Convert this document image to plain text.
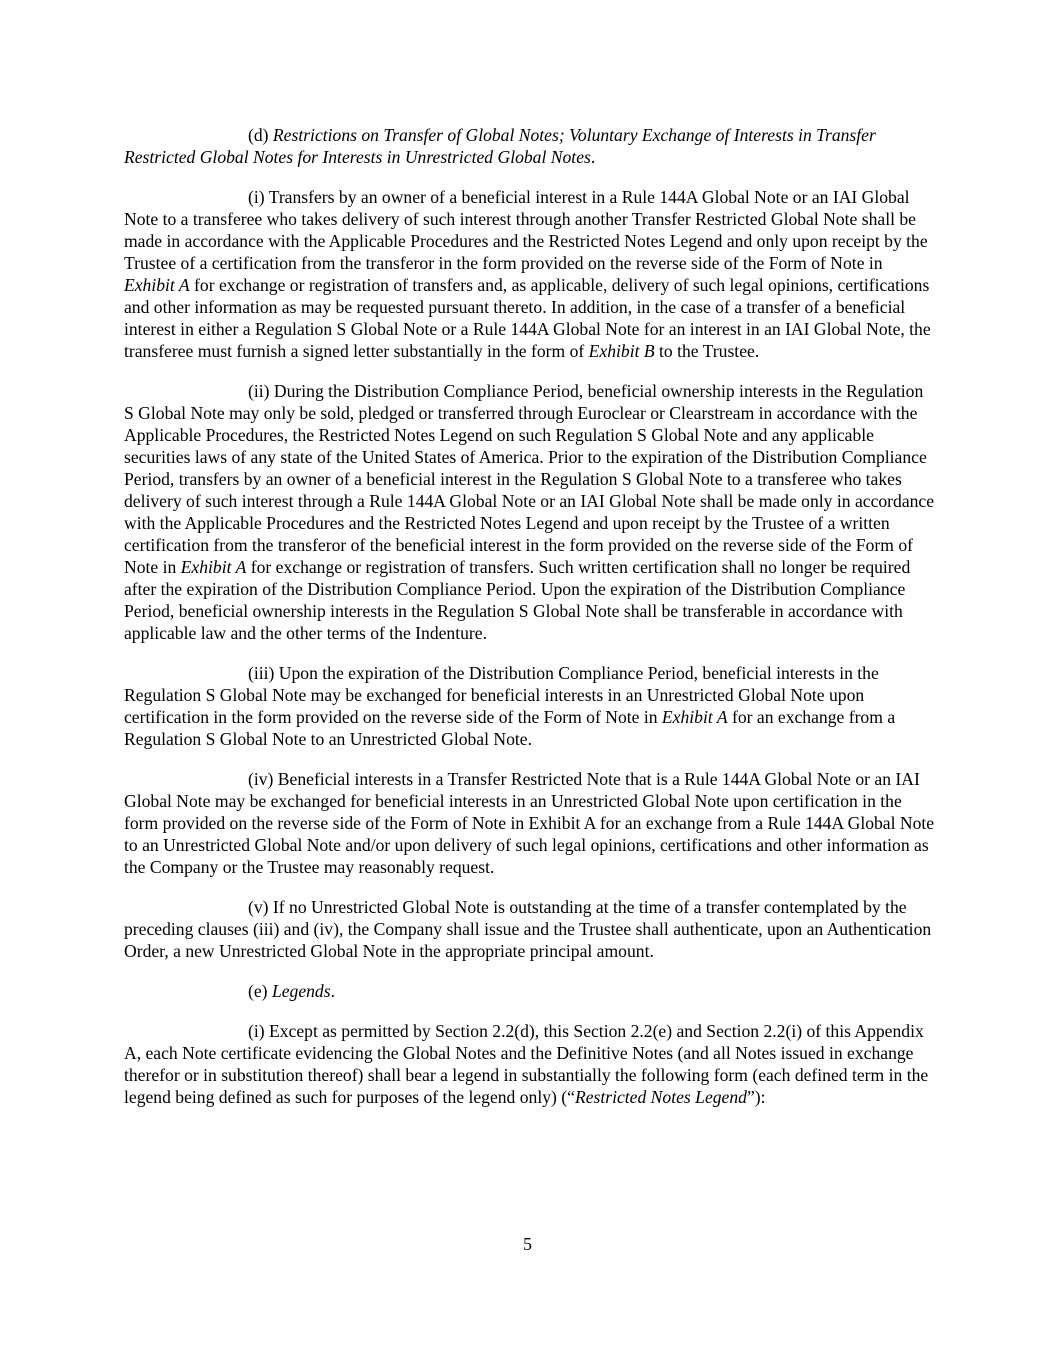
(d) Restrictions on Transfer of Global Notes; Voluntary Exchange of Interests in Transfer Restricted Global Notes for Interests in Unrestricted Global Notes.

(i) Transfers by an owner of a beneficial interest in a Rule 144A Global Note or an IAI Global Note to a transferee who takes delivery of such interest through another Transfer Restricted Global Note shall be made in accordance with the Applicable Procedures and the Restricted Notes Legend and only upon receipt by the Trustee of a certification from the transferor in the form provided on the reverse side of the Form of Note in Exhibit A for exchange or registration of transfers and, as applicable, delivery of such legal opinions, certifications and other information as may be requested pursuant thereto. In addition, in the case of a transfer of a beneficial interest in either a Regulation S Global Note or a Rule 144A Global Note for an interest in an IAI Global Note, the transferee must furnish a signed letter substantially in the form of Exhibit B to the Trustee.

(ii) During the Distribution Compliance Period, beneficial ownership interests in the Regulation S Global Note may only be sold, pledged or transferred through Euroclear or Clearstream in accordance with the Applicable Procedures, the Restricted Notes Legend on such Regulation S Global Note and any applicable securities laws of any state of the United States of America. Prior to the expiration of the Distribution Compliance Period, transfers by an owner of a beneficial interest in the Regulation S Global Note to a transferee who takes delivery of such interest through a Rule 144A Global Note or an IAI Global Note shall be made only in accordance with the Applicable Procedures and the Restricted Notes Legend and upon receipt by the Trustee of a written certification from the transferor of the beneficial interest in the form provided on the reverse side of the Form of Note in Exhibit A for exchange or registration of transfers. Such written certification shall no longer be required after the expiration of the Distribution Compliance Period. Upon the expiration of the Distribution Compliance Period, beneficial ownership interests in the Regulation S Global Note shall be transferable in accordance with applicable law and the other terms of the Indenture.

(iii) Upon the expiration of the Distribution Compliance Period, beneficial interests in the Regulation S Global Note may be exchanged for beneficial interests in an Unrestricted Global Note upon certification in the form provided on the reverse side of the Form of Note in Exhibit A for an exchange from a Regulation S Global Note to an Unrestricted Global Note.

(iv) Beneficial interests in a Transfer Restricted Note that is a Rule 144A Global Note or an IAI Global Note may be exchanged for beneficial interests in an Unrestricted Global Note upon certification in the form provided on the reverse side of the Form of Note in Exhibit A for an exchange from a Rule 144A Global Note to an Unrestricted Global Note and/or upon delivery of such legal opinions, certifications and other information as the Company or the Trustee may reasonably request.

(v) If no Unrestricted Global Note is outstanding at the time of a transfer contemplated by the preceding clauses (iii) and (iv), the Company shall issue and the Trustee shall authenticate, upon an Authentication Order, a new Unrestricted Global Note in the appropriate principal amount.

(e) Legends.

(i) Except as permitted by Section 2.2(d), this Section 2.2(e) and Section 2.2(i) of this Appendix A, each Note certificate evidencing the Global Notes and the Definitive Notes (and all Notes issued in exchange therefor or in substitution thereof) shall bear a legend in substantially the following form (each defined term in the legend being defined as such for purposes of the legend only) (“Restricted Notes Legend”):

5
